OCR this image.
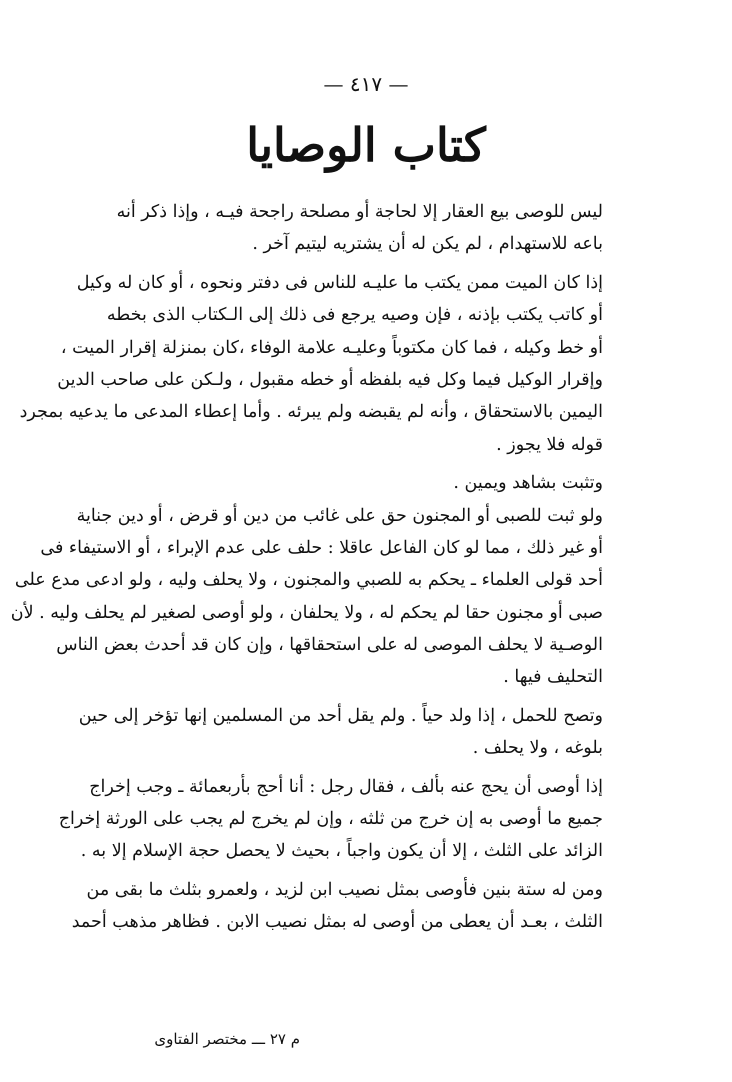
— ٤١٧ —
كتاب الوصايا
ليس للوصى بيع العقار إلا لحاجة أو مصلحة راجحة فيـه ، وإذا ذكر أنه
باعه للاستهدام ، لم يكن له أن يشتريه ليتيم آخر .
إذا كان الميت ممن يكتب ما عليـه للناس فى دفتر ونحوه ، أو كان له وكيل
أو كاتب يكتب بإذنه ، فإن وصيه يرجع فى ذلك إلى الـكتاب الذى بخطه
أو خط وكيله ، فما كان مكتوباً وعليـه علامة الوفاء ،كان بمنزلة إقرار الميت ،
وإقرار الوكيل فيما وكل فيه بلفظه أو خطه مقبول ، ولـكن على صاحب الدين
اليمين بالاستحقاق ، وأنه لم يقبضه ولم يبرئه . وأما إعطاء المدعى ما يدعيه بمجرد
قوله فلا يجوز .
وتثبت بشاهد ويمين .
ولو ثبت للصبى أو المجنون حق على غائب من دين أو قرض ، أو دين جناية
أو غير ذلك ، مما لو كان الفاعل عاقلا : حلف على عدم الإبراء ، أو الاستيفاء فى
أحد قولى العلماء ـ يحكم به للصبي والمجنون ، ولا يحلف وليه ، ولو ادعى مدع على
صبى أو مجنون حقا لم يحكم له ، ولا يحلفان ، ولو أوصى لصغير لم يحلف وليه . لأن
الوصـية لا يحلف الموصى له على استحقاقها ، وإن كان قد أحدث بعض الناس
التحليف فيها .
وتصح للحمل ، إذا ولد حياً . ولم يقل أحد من المسلمين إنها تؤخر إلى حين
بلوغه ، ولا يحلف .
إذا أوصى أن يحج عنه بألف ، فقال رجل : أنا أحج بأربعمائة ـ وجب إخراج
جميع ما أوصى به إن خرج من ثلثه ، وإن لم يخرج لم يجب على الورثة إخراج
الزائد على الثلث ، إلا أن يكون واجباً ، بحيث لا يحصل حجة الإسلام إلا به .
ومن له ستة بنين فأوصى بمثل نصيب ابن لزيد ، ولعمرو بثلث ما بقى من
الثلث ، بعـد أن يعطى من أوصى له بمثل نصيب الابن . فظاهر مذهب أحمد
م ٢٧ ـــ مختصر الفتاوى
